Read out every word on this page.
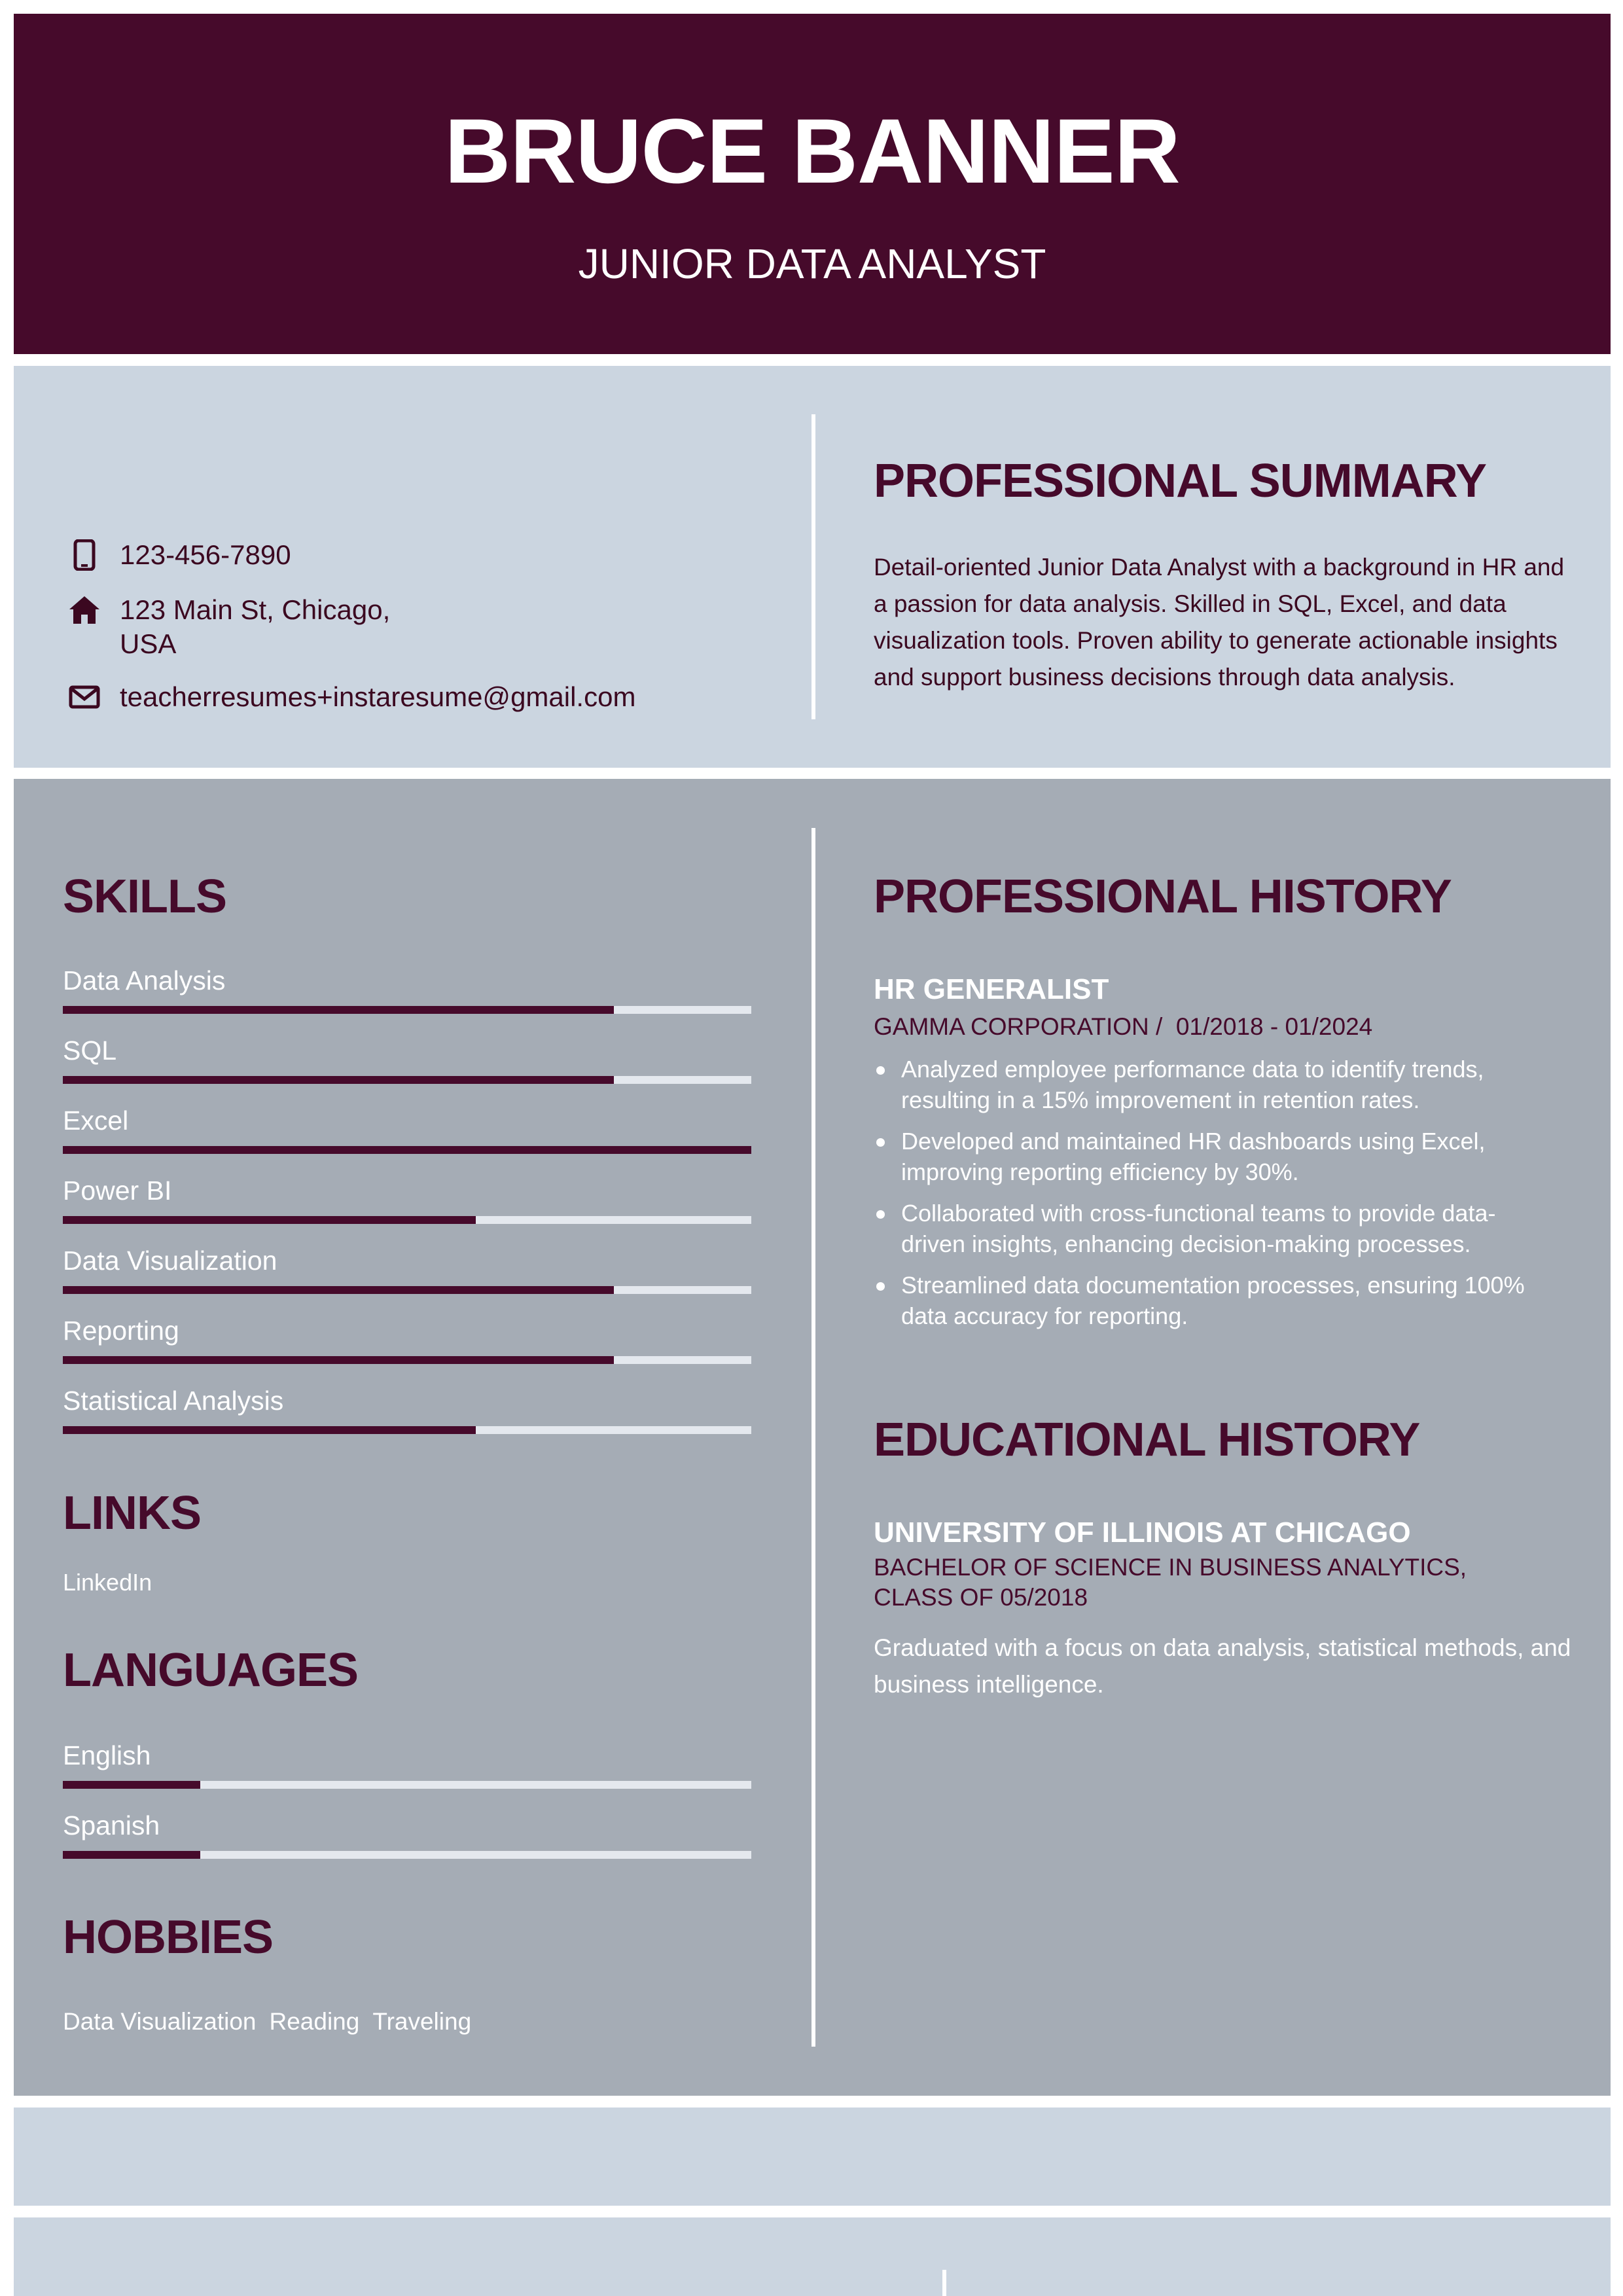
BRUCE BANNER
JUNIOR DATA ANALYST
123-456-7890
123 Main St, Chicago,
USA
teacherresumes+instaresume@gmail.com
PROFESSIONAL SUMMARY
Detail-oriented Junior Data Analyst with a background in HR and a passion for data analysis. Skilled in SQL, Excel, and data visualization tools. Proven ability to generate actionable insights and support business decisions through data analysis.
SKILLS
Data Analysis
SQL
Excel
Power BI
Data Visualization
Reporting
Statistical Analysis
LINKS
LinkedIn
LANGUAGES
English
Spanish
HOBBIES
Data Visualization Reading Traveling
PROFESSIONAL HISTORY
HR GENERALIST
GAMMA CORPORATION / 01/2018 - 01/2024
Analyzed employee performance data to identify trends, resulting in a 15% improvement in retention rates.
Developed and maintained HR dashboards using Excel, improving reporting efficiency by 30%.
Collaborated with cross-functional teams to provide data-driven insights, enhancing decision-making processes.
Streamlined data documentation processes, ensuring 100% data accuracy for reporting.
EDUCATIONAL HISTORY
UNIVERSITY OF ILLINOIS AT CHICAGO
BACHELOR OF SCIENCE IN BUSINESS ANALYTICS,
CLASS OF 05/2018
Graduated with a focus on data analysis, statistical methods, and business intelligence.
